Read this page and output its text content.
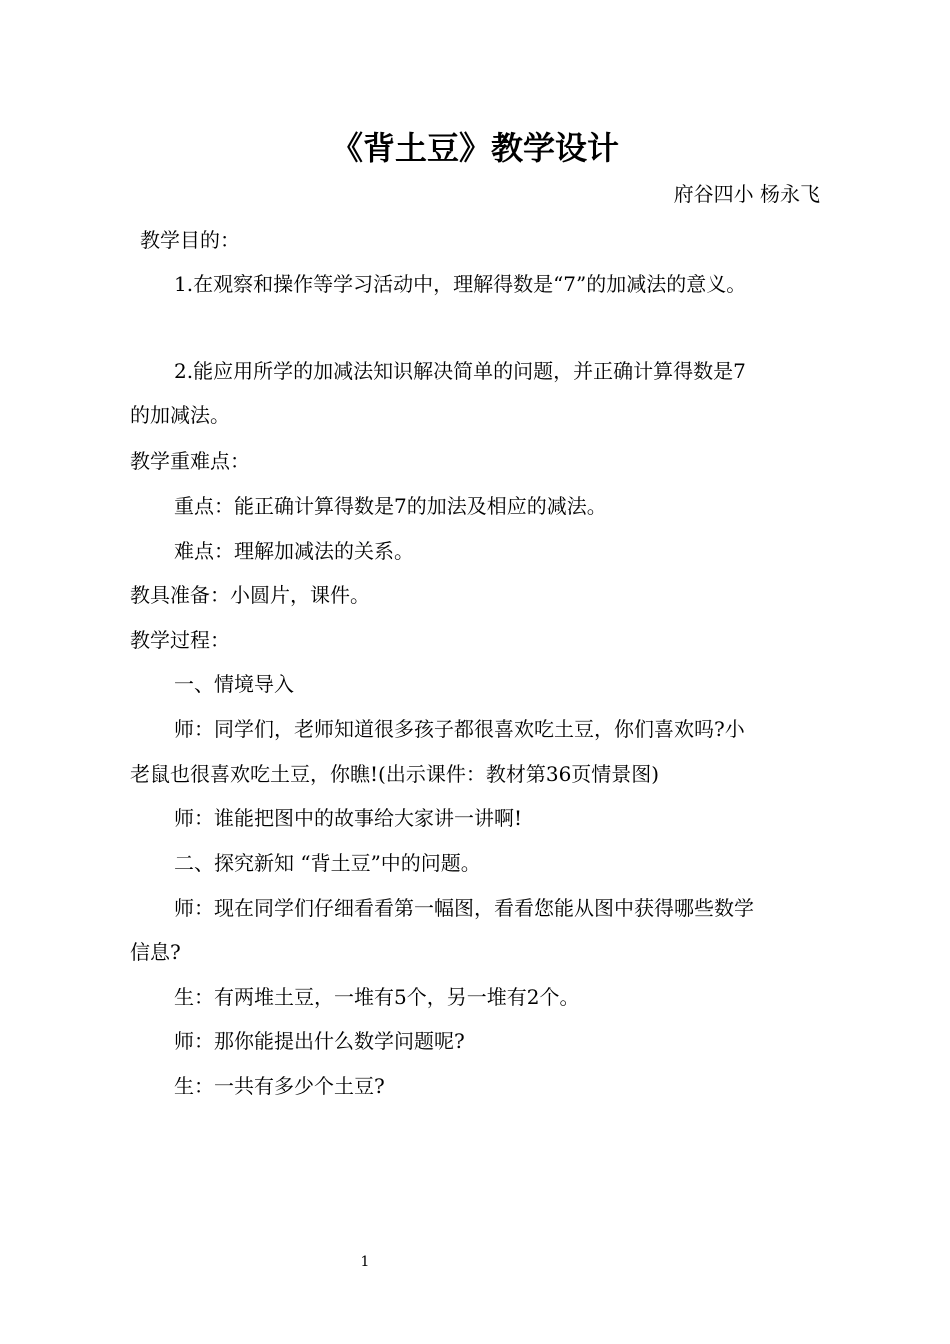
《背土豆》教学设计
府谷四小 杨永飞
教学目的：
1.在观察和操作等学习活动中，理解得数是“7”的加减法的意义。
2.能应用所学的加减法知识解决简单的问题，并正确计算得数是7
的加减法。
教学重难点：
重点：能正确计算得数是7的加法及相应的减法。
难点：理解加减法的关系。
教具准备：小圆片，课件。
教学过程：
一、情境导入
师：同学们，老师知道很多孩子都很喜欢吃土豆，你们喜欢吗?小
老鼠也很喜欢吃土豆，你瞧!(出示课件：教材第36页情景图)
师：谁能把图中的故事给大家讲一讲啊!
二、探究新知 “背土豆”中的问题。
师：现在同学们仔细看看第一幅图，看看您能从图中获得哪些数学
信息?
生：有两堆土豆，一堆有5个，另一堆有2个。
师：那你能提出什么数学问题呢?
生：一共有多少个土豆?
1
